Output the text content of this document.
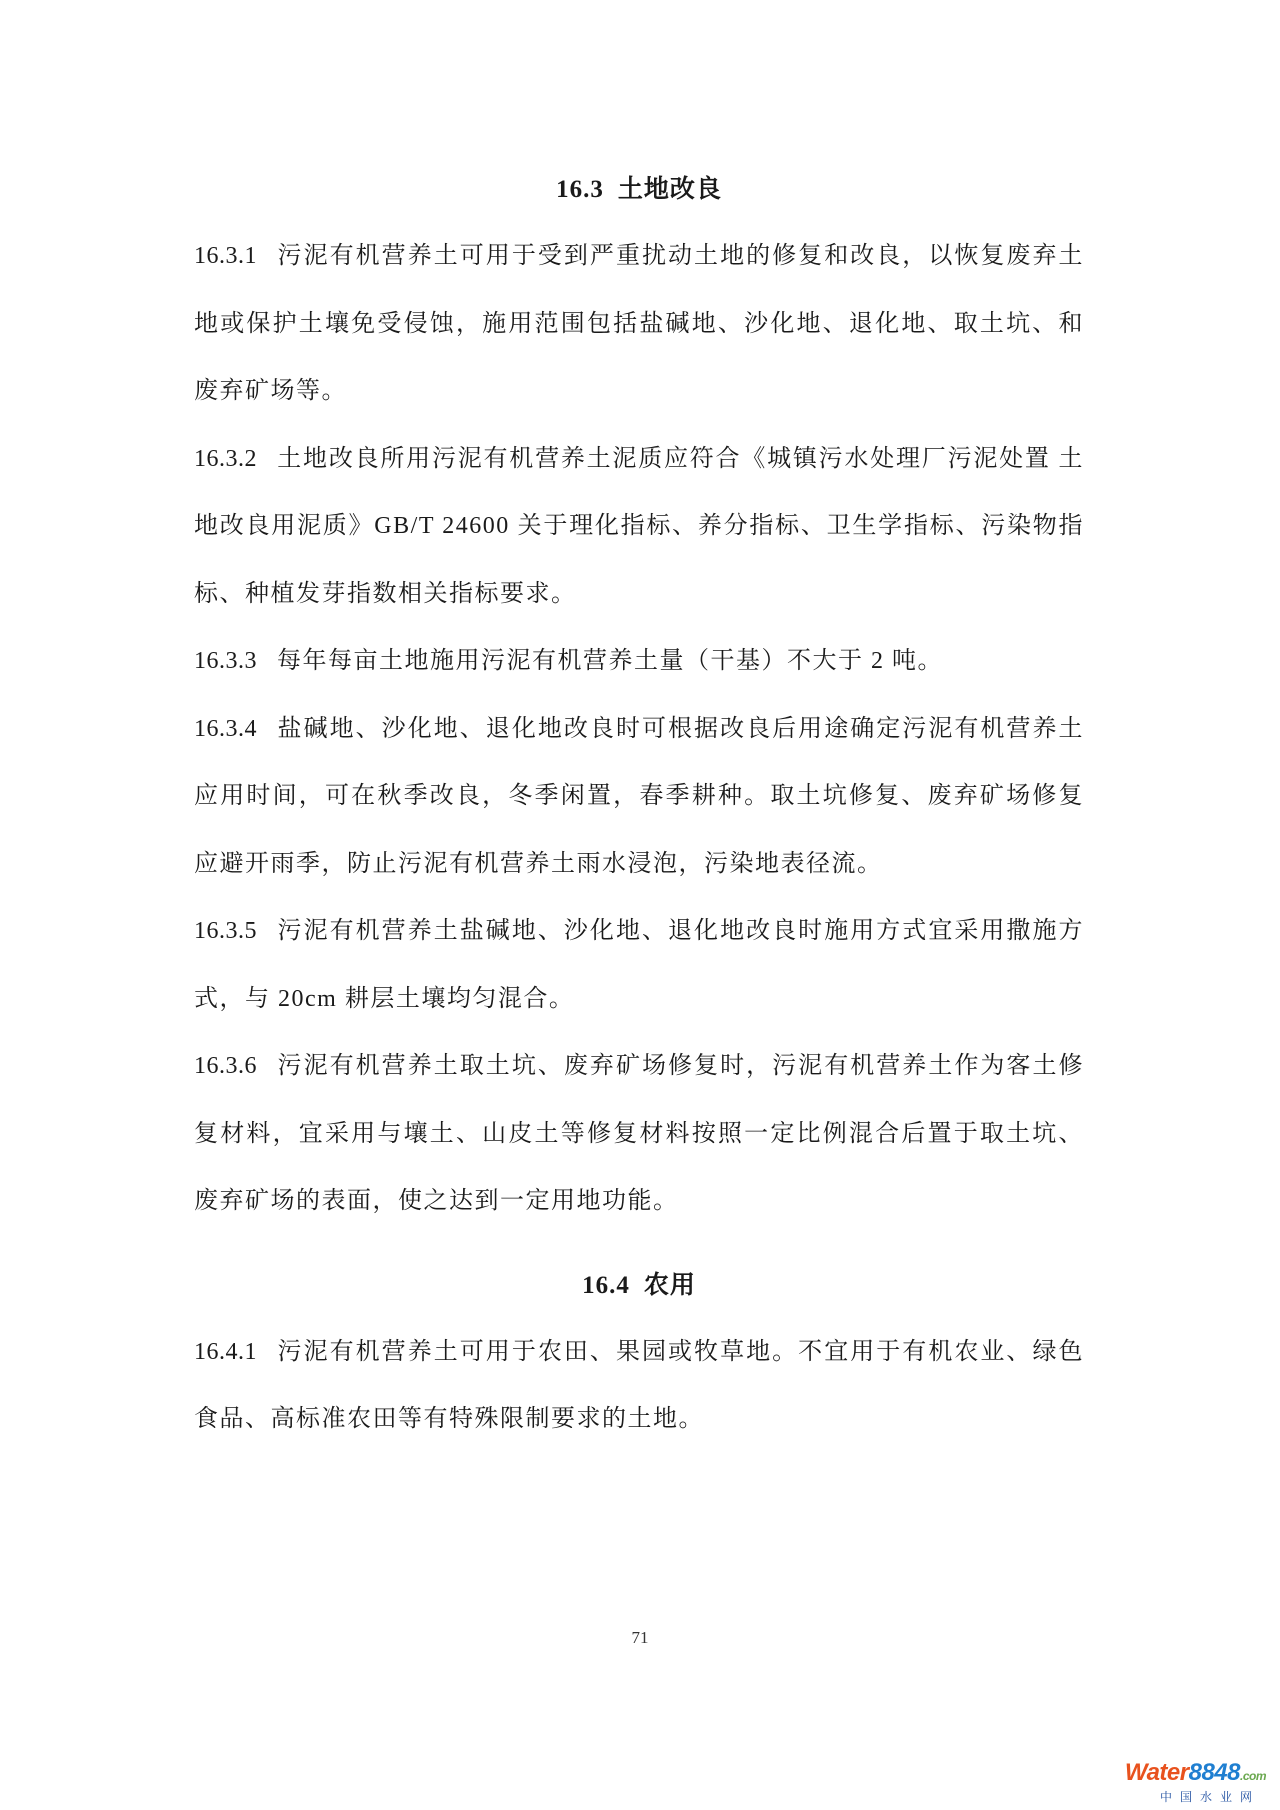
16.3 土地改良

16.3.1 污泥有机营养土可用于受到严重扰动土地的修复和改良，以恢复废弃土地或保护土壤免受侵蚀，施用范围包括盐碱地、沙化地、退化地、取土坑、和废弃矿场等。

16.3.2 土地改良所用污泥有机营养土泥质应符合《城镇污水处理厂污泥处置 土地改良用泥质》GB/T 24600 关于理化指标、养分指标、卫生学指标、污染物指标、种植发芽指数相关指标要求。

16.3.3 每年每亩土地施用污泥有机营养土量（干基）不大于 2 吨。

16.3.4 盐碱地、沙化地、退化地改良时可根据改良后用途确定污泥有机营养土应用时间，可在秋季改良，冬季闲置，春季耕种。取土坑修复、废弃矿场修复应避开雨季，防止污泥有机营养土雨水浸泡，污染地表径流。

16.3.5 污泥有机营养土盐碱地、沙化地、退化地改良时施用方式宜采用撒施方式，与 20cm 耕层土壤均匀混合。

16.3.6 污泥有机营养土取土坑、废弃矿场修复时，污泥有机营养土作为客土修复材料，宜采用与壤土、山皮土等修复材料按照一定比例混合后置于取土坑、废弃矿场的表面，使之达到一定用地功能。

16.4 农用

16.4.1 污泥有机营养土可用于农田、果园或牧草地。不宜用于有机农业、绿色食品、高标准农田等有特殊限制要求的土地。

71
Water8848.com
中国水业网
